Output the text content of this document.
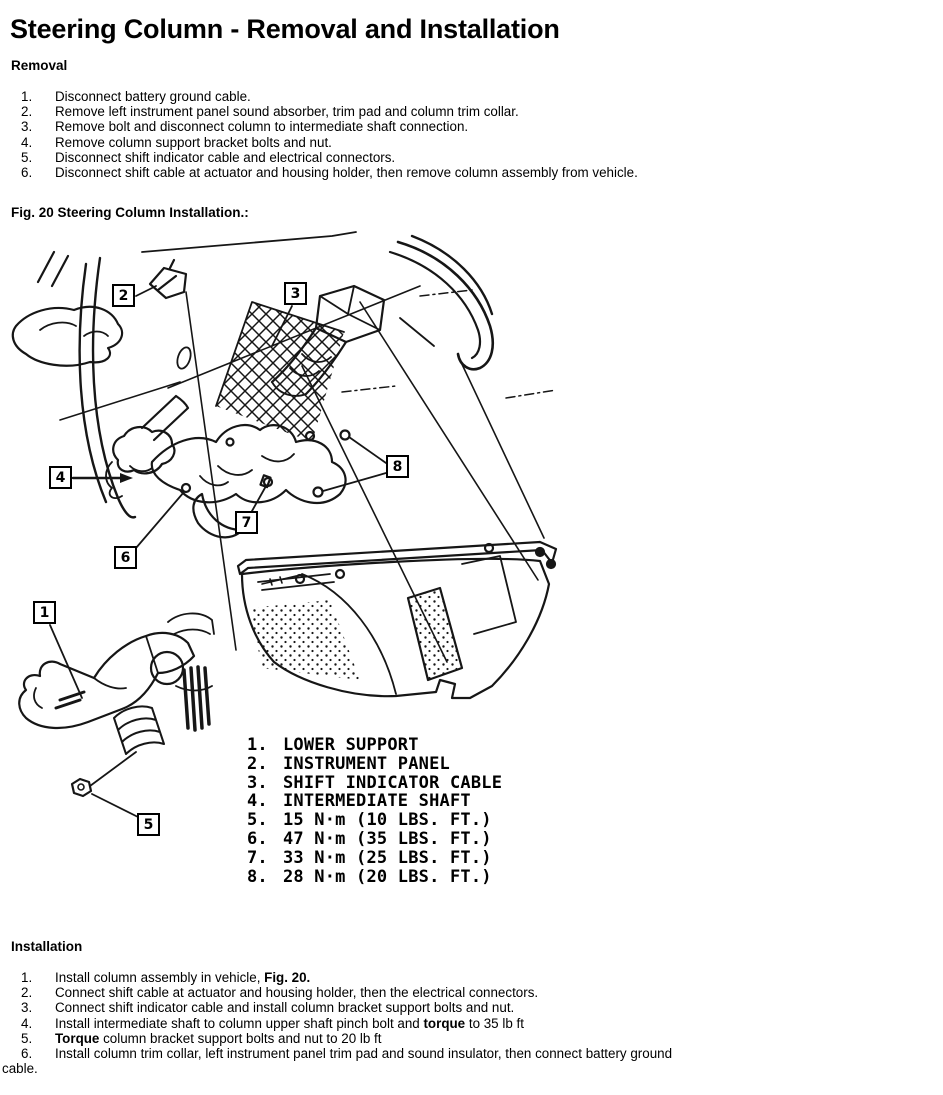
Steering Column - Removal and Installation
Removal
1. Disconnect battery ground cable.
2. Remove left instrument panel sound absorber, trim pad and column trim collar.
3. Remove bolt and disconnect column to intermediate shaft connection.
4. Remove column support bracket bolts and nut.
5. Disconnect shift indicator cable and electrical connectors.
6. Disconnect shift cable at actuator and housing holder, then remove column assembly from vehicle.
Fig. 20 Steering Column Installation.:
1
2	3
4
5
6
7
8
1. LOWER SUPPORT
2. INSTRUMENT PANEL
3. SHIFT INDICATOR CABLE
4. INTERMEDIATE SHAFT
5. 15 N·m (10 LBS. FT.)
6. 47 N·m (35 LBS. FT.)
7. 33 N·m (25 LBS. FT.)
8. 28 N·m (20 LBS. FT.)
Installation
1. Install column assembly in vehicle, Fig. 20.
2. Connect shift cable at actuator and housing holder, then the electrical connectors.
3. Connect shift indicator cable and install column bracket support bolts and nut.
4. Install intermediate shaft to column upper shaft pinch bolt and torque to 35 lb ft
5. Torque column bracket support bolts and nut to 20 lb ft
6. Install column trim collar, left instrument panel trim pad and sound insulator, then connect battery ground
cable.
